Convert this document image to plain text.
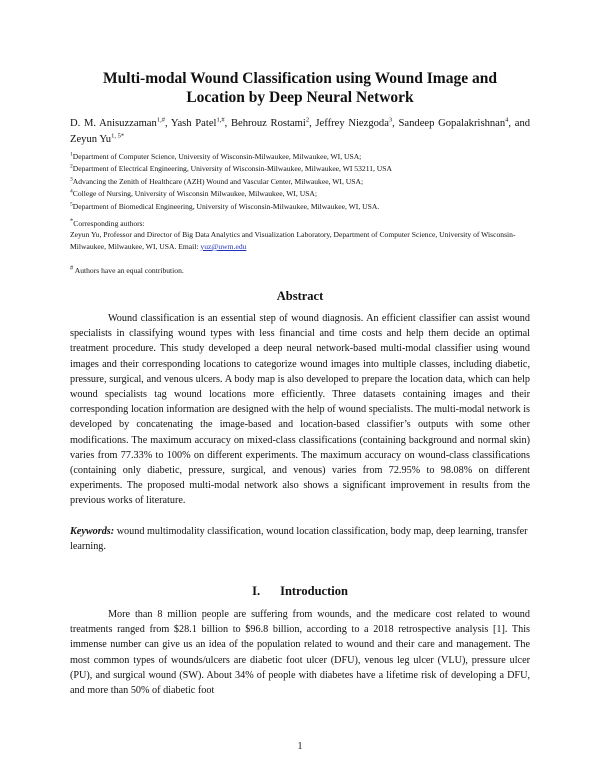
Multi-modal Wound Classification using Wound Image and
Location by Deep Neural Network
D. M. Anisuzzaman$^{1,\#}$, Yash Patel$^{1,\#}$, Behrouz Rostami$^2$, Jeffrey Niezgoda$^3$, Sandeep Gopalakrishnan$^4$, and Zeyun $Yu^{1, 5*}$
$^1$Department of Computer Science, University of Wisconsin-Milwaukee, Milwaukee, WI, USA;
$^2$Department of Electrical Engineering, University of Wisconsin-Milwaukee, Milwaukee, WI 53211, USA
$^3$Advancing the Zenith of Healthcare (AZH) Wound and Vascular Center, Milwaukee, WI, USA;
$^4$College of Nursing, University of Wisconsin Milwaukee, Milwaukee, WI, USA;
$^5$Department of Biomedical Engineering, University of Wisconsin-Milwaukee, Milwaukee, WI, USA.
*Corresponding authors:
Zeyun Yu, Professor and Director of Big Data Analytics and Visualization Laboratory, Department of Computer Science, University of Wisconsin-Milwaukee, Milwaukee, WI, USA. Email: yuz@uwm.edu
# Authors have an equal contribution.
Abstract
Wound classification is an essential step of wound diagnosis. An efficient classifier can assist wound specialists in classifying wound types with less financial and time costs and help them decide an optimal treatment procedure. This study developed a deep neural network-based multi-modal classifier using wound images and their corresponding locations to categorize wound images into multiple classes, including diabetic, pressure, surgical, and venous ulcers. A body map is also developed to prepare the location data, which can help wound specialists tag wound locations more efficiently. Three datasets containing images and their corresponding location information are designed with the help of wound specialists. The multi-modal network is developed by concatenating the image-based and location-based classifier’s outputs with some other modifications. The maximum accuracy on mixed-class classifications (containing background and normal skin) varies from 77.33% to 100% on different experiments. The maximum accuracy on wound-class classifications (containing only diabetic, pressure, surgical, and venous) varies from 72.95% to 98.08% on different experiments. The proposed multi-modal network also shows a significant improvement in results from the previous works of literature.
Keywords: wound multimodality classification, wound location classification, body map, deep learning, transfer learning.
I. Introduction
More than 8 million people are suffering from wounds, and the medicare cost related to wound treatments ranged from $28.1 billion to $96.8 billion, according to a 2018 retrospective analysis [1]. This immense number can give us an idea of the population related to wound and their care and management. The most common types of wounds/ulcers are diabetic foot ulcer (DFU), venous leg ulcer (VLU), pressure ulcer (PU), and surgical wound (SW). About 34% of people with diabetes have a lifetime risk of developing a DFU, and more than 50% of diabetic foot
1
